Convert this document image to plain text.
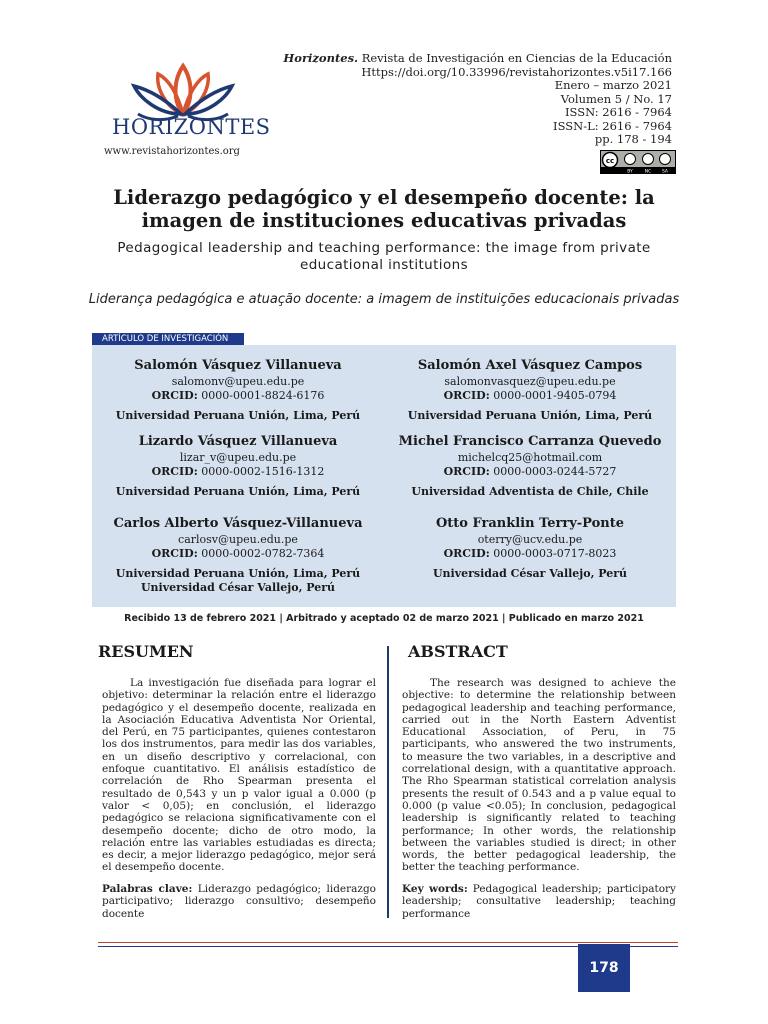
HORIZONTES
www.revistahorizontes.org
Horizontes. Revista de Investigación en Ciencias de la Educación
Https://doi.org/10.33996/revistahorizontes.v5i17.166
Enero – marzo 2021
Volumen 5 / No. 17
ISSN: 2616 - 7964
ISSN-L: 2616 - 7964
pp. 178 - 194
cc
BY	NC SA
Liderazgo pedagógico y el desempeño docente: la imagen de instituciones educativas privadas
Pedagogical leadership and teaching performance: the image from private educational institutions
Liderança pedagógica e atuação docente: a imagem de instituições educacionais privadas
ARTÍCULO DE INVESTIGACIÓN
Salomón Vásquez Villanueva
salomonv@upeu.edu.pe
ORCID: 0000-0001-8824-6176
Universidad Peruana Unión, Lima, Perú
Salomón Axel Vásquez Campos
salomonvasquez@upeu.edu.pe
ORCID: 0000-0001-9405-0794
Universidad Peruana Unión, Lima, Perú
Lizardo Vásquez Villanueva
lizar_v@upeu.edu.pe
ORCID: 0000-0002-1516-1312
Universidad Peruana Unión, Lima, Perú
Michel Francisco Carranza Quevedo
michelcq25@hotmail.com
ORCID: 0000-0003-0244-5727
Universidad Adventista de Chile, Chile
Carlos Alberto Vásquez-Villanueva
carlosv@upeu.edu.pe
ORCID: 0000-0002-0782-7364
Universidad Peruana Unión, Lima, Perú
Universidad César Vallejo, Perú
Otto Franklin Terry-Ponte
oterry@ucv.edu.pe
ORCID: 0000-0003-0717-8023
Universidad César Vallejo, Perú
Recibido 13 de febrero 2021 | Arbitrado y aceptado 02 de marzo 2021 | Publicado en marzo 2021
RESUMEN	ABSTRACT
La investigación fue diseñada para lograr el objetivo: determinar la relación entre el liderazgo pedagógico y el desempeño docente, realizada en la Asociación Educativa Adventista Nor Oriental, del Perú, en 75 participantes, quienes contestaron los dos instrumentos, para medir las dos variables, en un diseño descriptivo y correlacional, con enfoque cuantitativo. El análisis estadístico de correlación de Rho Spearman presenta el resultado de 0,543 y un p valor igual a 0.000 (p valor < 0,05); en conclusión, el liderazgo pedagógico se relaciona significativamente con el desempeño docente; dicho de otro modo, la relación entre las variables estudiadas es directa; es decir, a mejor liderazgo pedagógico, mejor será el desempeño docente.
The research was designed to achieve the objective: to determine the relationship between pedagogical leadership and teaching performance, carried out in the North Eastern Adventist Educational Association, of Peru, in 75 participants, who answered the two instruments, to measure the two variables, in a descriptive and correlational design, with a quantitative approach. The Rho Spearman statistical correlation analysis presents the result of 0.543 and a p value equal to 0.000 (p value <0.05); In conclusion, pedagogical leadership is significantly related to teaching performance; In other words, the relationship between the variables studied is direct; in other words, the better pedagogical leadership, the better the teaching performance.
Palabras clave: Liderazgo pedagógico; liderazgo participativo; liderazgo consultivo; desempeño docente
Key words: Pedagogical leadership; participatory leadership; consultative leadership; teaching performance
178
